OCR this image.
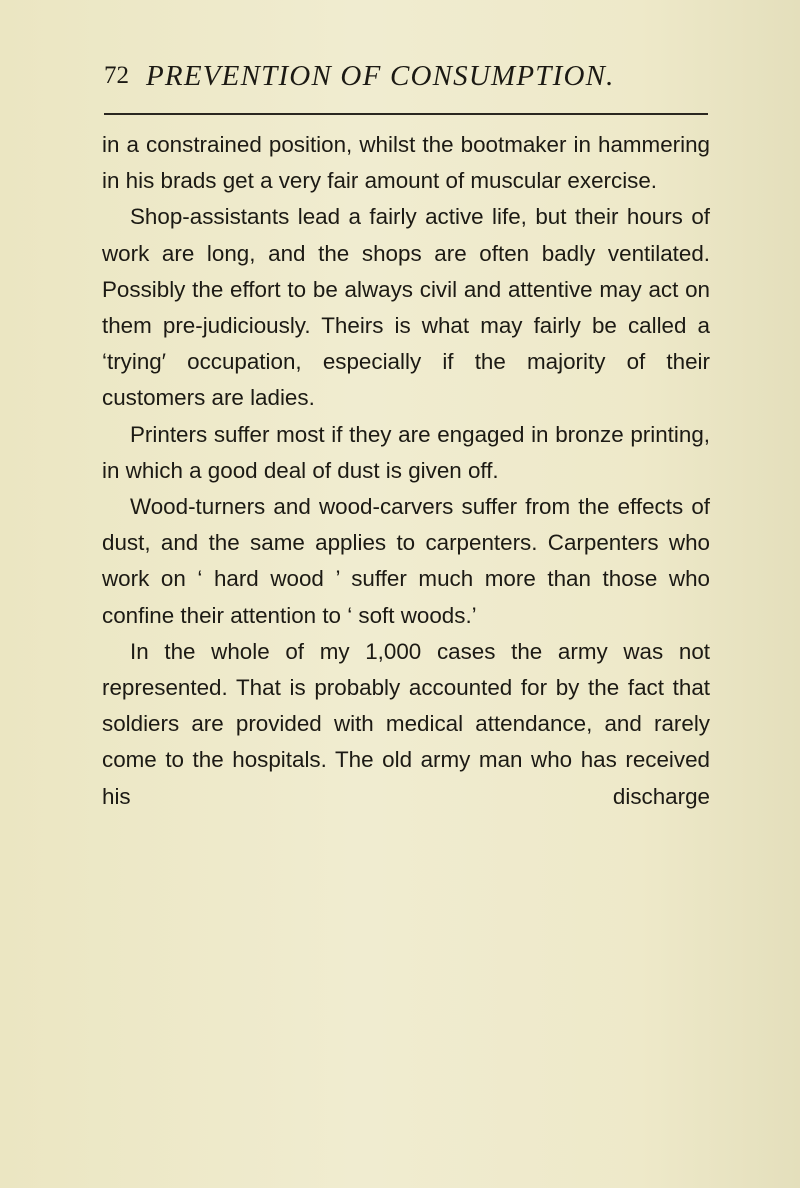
72 PREVENTION OF CONSUMPTION.

in a constrained position, whilst the bootmaker in hammering in his brads get a very fair amount of muscular exercise.

Shop-assistants lead a fairly active life, but their hours of work are long, and the shops are often badly ventilated. Possibly the effort to be always civil and attentive may act on them pre-judiciously. Theirs is what may fairly be called a ‘trying′ occupation, especially if the majority of their customers are ladies.

Printers suffer most if they are engaged in bronze printing, in which a good deal of dust is given off.

Wood-turners and wood-carvers suffer from the effects of dust, and the same applies to carpenters. Carpenters who work on ‘ hard wood ’ suffer much more than those who confine their attention to ‘ soft woods.’

In the whole of my 1,000 cases the army was not represented. That is probably accounted for by the fact that soldiers are provided with medical attendance, and rarely come to the hospitals. The old army man who has received his discharge
